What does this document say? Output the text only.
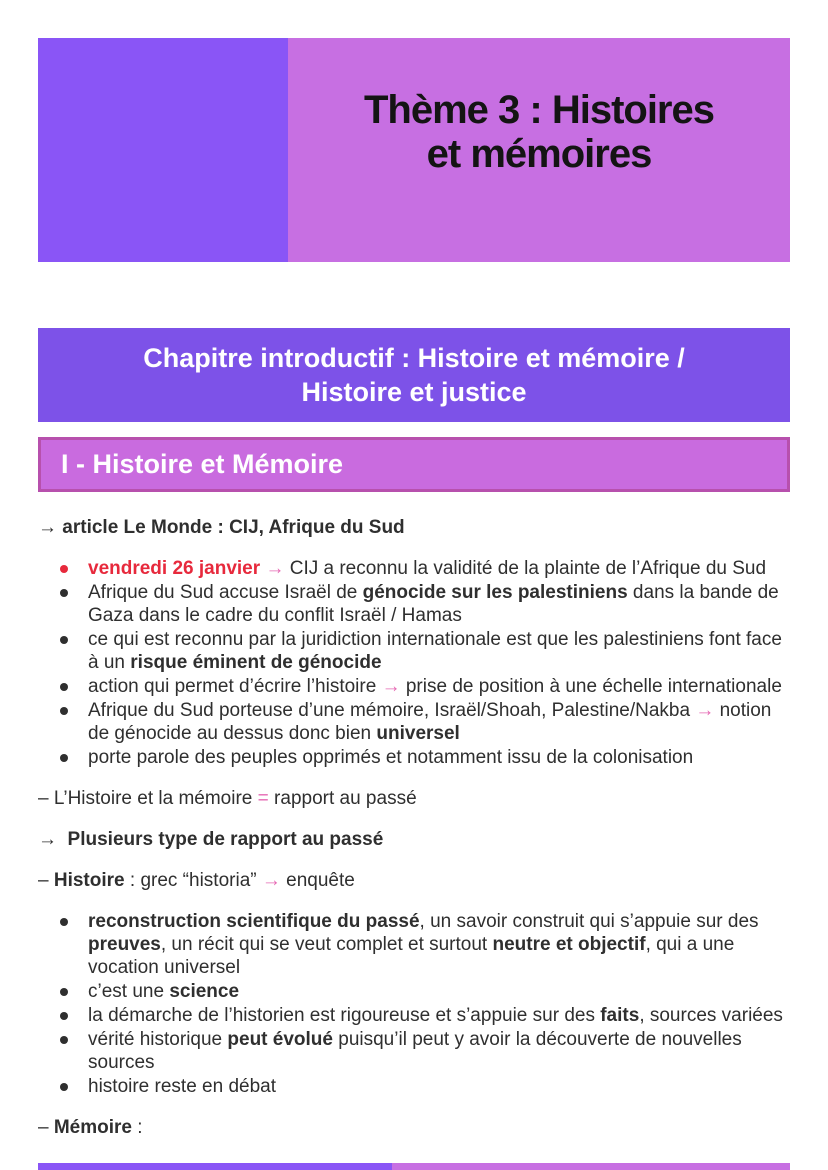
Thème 3 : Histoires
et mémoires
Chapitre introductif : Histoire et mémoire /
Histoire et justice
I - Histoire et Mémoire
→ article Le Monde : CIJ, Afrique du Sud
vendredi 26 janvier → CIJ a reconnu la validité de la plainte de l’Afrique du Sud
Afrique du Sud accuse Israël de génocide sur les palestiniens dans la bande de Gaza dans le cadre du conflit Israël / Hamas
ce qui est reconnu par la juridiction internationale est que les palestiniens font face à un risque éminent de génocide
action qui permet d’écrire l’histoire → prise de position à une échelle internationale
Afrique du Sud porteuse d’une mémoire, Israël/Shoah, Palestine/Nakba → notion de génocide au dessus donc bien universel
porte parole des peuples opprimés et notamment issu de la colonisation
– L’Histoire et la mémoire = rapport au passé
→  Plusieurs type de rapport au passé
– Histoire : grec “historia” → enquête
reconstruction scientifique du passé, un savoir construit qui s’appuie sur des preuves, un récit qui se veut complet et surtout neutre et objectif, qui a une vocation universel
c’est une science
la démarche de l’historien est rigoureuse et s’appuie sur des faits, sources variées
vérité historique peut évolué puisqu’il peut y avoir la découverte de nouvelles sources
histoire reste en débat
– Mémoire :
